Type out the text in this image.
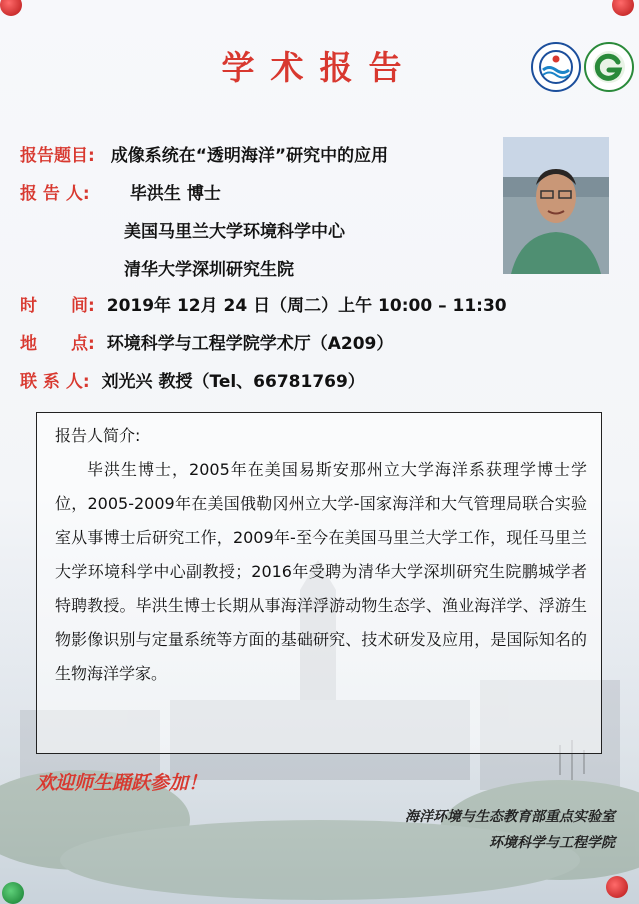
学术报告
报告题目: 成像系统在“透明海洋”研究中的应用
报 告 人: 毕洪生 博士
美国马里兰大学环境科学中心
清华大学深圳研究生院
时　　间: 2019年 12月 24 日（周二）上午 10:00 – 11:30
地　　点: 环境科学与工程学院学术厅（A209）
联 系 人: 刘光兴 教授（Tel、66781769）
报告人简介:
毕洪生博士，2005年在美国易斯安那州立大学海洋系获理学博士学位，2005-2009年在美国俄勒冈州立大学-国家海洋和大气管理局联合实验室从事博士后研究工作，2009年-至今在美国马里兰大学工作，现任马里兰大学环境科学中心副教授；2016年受聘为清华大学深圳研究生院鹏城学者特聘教授。毕洪生博士长期从事海洋浮游动物生态学、渔业海洋学、浮游生物影像识别与定量系统等方面的基础研究、技术研发及应用，是国际知名的生物海洋学家。
欢迎师生踊跃参加！
海洋环境与生态教育部重点实验室
环境科学与工程学院
